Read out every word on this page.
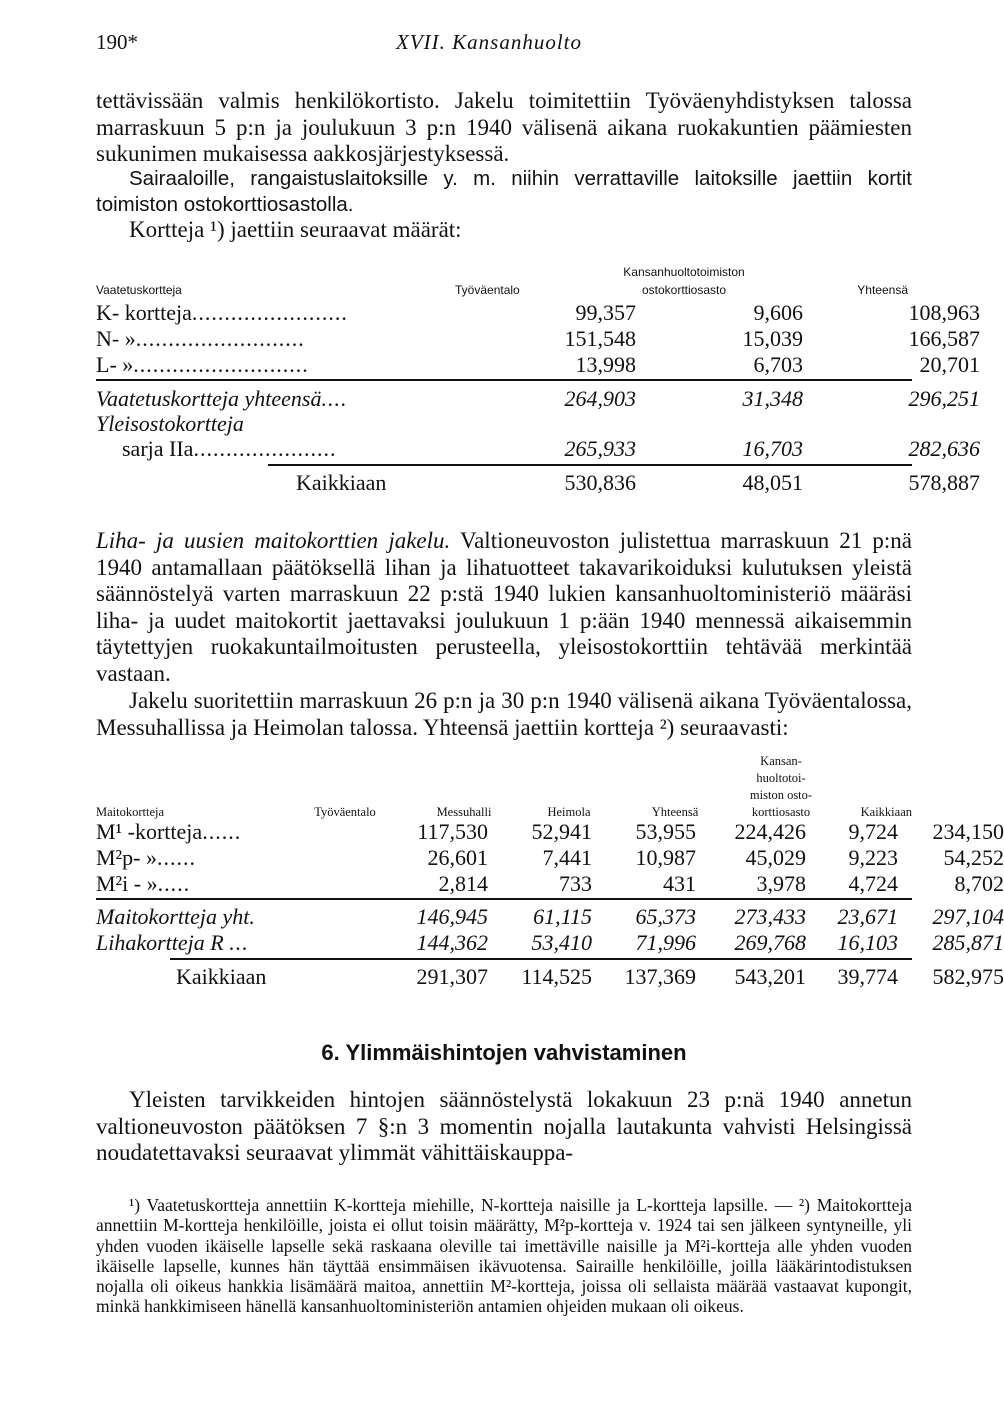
190*	XVII. Kansanhuolto

tettävissään valmis henkilökortisto. Jakelu toimitettiin Työväenyhdistyksen talossa marraskuun 5 p:n ja joulukuun 3 p:n 1940 välisenä aikana ruokakuntien päämiesten sukunimen mukaisessa aakkosjärjestyksessä.

Sairaaloille, rangaistuslaitoksille y. m. niihin verrattaville laitoksille jaettiin kortit toimiston ostokorttiosastolla.

Kortteja ¹) jaettiin seuraavat määrät:

Vaatetuskortteja	Työväentalo
Kansanhuoltotoimiston
ostokorttiosasto	Yhteensä
K- kortteja........................	99,357	9,606	108,963
N- »..........................	151,548	15,039	166,587
L- »...........................	13,998	6,703	20,701
Vaatetuskortteja yhteensä....	264,903	31,348	296,251
Yleisostokortteja
sarja IIa......................	265,933	16,703	282,636
Kaikkiaan	530,836	48,051	578,887

Liha- ja uusien maitokorttien jakelu. Valtioneuvoston julistettua marraskuun 21 p:nä 1940 antamallaan päätöksellä lihan ja lihatuotteet takavarikoiduksi kulutuksen yleistä säännöstelyä varten marraskuun 22 p:stä 1940 lukien kansanhuoltoministeriö määräsi liha- ja uudet maitokortit jaettavaksi joulukuun 1 p:ään 1940 mennessä aikaisemmin täytettyjen ruokakuntailmoitusten perusteella, yleisostokorttiin tehtävää merkintää vastaan.

Jakelu suoritettiin marraskuun 26 p:n ja 30 p:n 1940 välisenä aikana Työväentalossa, Messuhallissa ja Heimolan talossa. Yhteensä jaettiin kortteja ²) seuraavasti:

Kansan-
huoltotoi-
miston osto-
korttiosasto
Maitokortteja	Työväentalo	Messuhalli	Heimola	Yhteensä	Kaikkiaan
M¹ -kortteja......	117,530	52,941	53,955	224,426	9,724	234,150
M²p- »......	26,601	7,441	10,987	45,029	9,223	54,252
M²i - ».....	2,814	733	431	3,978	4,724	8,702
Maitokortteja yht.	146,945	61,115	65,373	273,433	23,671	297,104
Lihakortteja R ...	144,362	53,410	71,996	269,768	16,103	285,871
Kaikkiaan	291,307	114,525	137,369	543,201	39,774	582,975
6. Ylimmäishintojen vahvistaminen

Yleisten tarvikkeiden hintojen säännöstelystä lokakuun 23 p:nä 1940 annetun valtioneuvoston päätöksen 7 §:n 3 momentin nojalla lautakunta vahvisti Helsingissä noudatettavaksi seuraavat ylimmät vähittäiskauppa-

¹) Vaatetuskortteja annettiin K-kortteja miehille, N-kortteja naisille ja L-kortteja lapsille. — ²) Maitokortteja annettiin M-kortteja henkilöille, joista ei ollut toisin määrätty, M²p-kortteja v. 1924 tai sen jälkeen syntyneille, yli yhden vuoden ikäiselle lapselle sekä raskaana oleville tai imettäville naisille ja M²i-kortteja alle yhden vuoden ikäiselle lapselle, kunnes hän täyttää ensimmäisen ikävuotensa. Sairaille henkilöille, joilla lääkärintodistuksen nojalla oli oikeus hankkia lisämäärä maitoa, annettiin M²-kortteja, joissa oli sellaista määrää vastaavat kupongit, minkä hankkimiseen hänellä kansanhuoltoministeriön antamien ohjeiden mukaan oli oikeus.
